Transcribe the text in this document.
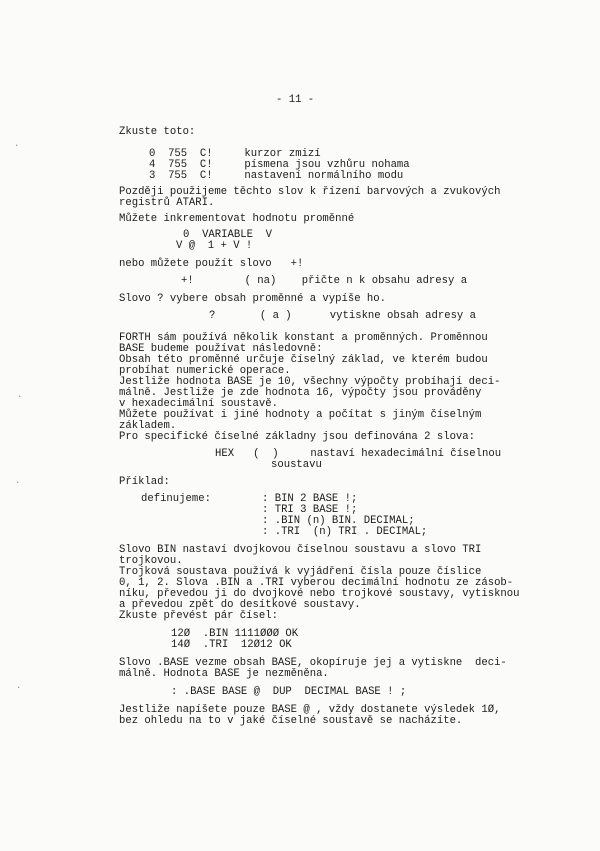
- 11 -
Zkuste toto:
0  755  C!     kurzor zmizí
4  755  C!     písmena jsou vzhůru nohama
3  755  C!     nastavení normálního modu
Později použijeme těchto slov k řízení barvových a zvukových
registrů ATARI.
Můžete inkrementovat hodnotu proměnné
0  VARIABLE  V
V @  1 + V !
nebo můžete použít slovo   +!
+!        ( na)    přičte n k obsahu adresy a
Slovo ? vybere obsah proměnné a vypíše ho.
?       ( a )      vytiskne obsah adresy a
FORTH sám používá několik konstant a proměnných. Proměnnou
BASE budeme používat následovně:
Obsah této proměnné určuje číselný základ, ve kterém budou
probíhat numerické operace.
Jestliže hodnota BASE je 10, všechny výpočty probíhají deci-
málně. Jestliže je zde hodnota 16, výpočty jsou prováděny
v hexadecimální soustavě.
Můžete používat i jiné hodnoty a počítat s jiným číselným
základem.
Pro specifické číselné základny jsou definována 2 slova:
HEX   (  )     nastaví hexadecimální číselnou
soustavu
Příklad:
definujeme:	: BIN 2 BASE !;
: TRI 3 BASE !;
: .BIN (n) BIN. DECIMAL;
: .TRI  (n) TRI . DECIMAL;
Slovo BIN nastaví dvojkovou číselnou soustavu a slovo TRI
trojkovou.
Trojková soustava používá k vyjádření čísla pouze číslice
0, 1, 2. Slova .BIN a .TRI vyberou decimální hodnotu ze zásob-
níku, převedou ji do dvojkové nebo trojkové soustavy, vytisknou
a převedou zpět do desítkové soustavy.
Zkuste převést pár čísel:
12Ø  .BIN 1111ØØØ OK
14Ø  .TRI  12Ø12 OK
Slovo .BASE vezme obsah BASE, okopíruje jej a vytiskne  deci-
málně. Hodnota BASE je nezměněna.
: .BASE BASE @  DUP  DECIMAL BASE ! ;
Jestliže napíšete pouze BASE @ , vždy dostanete výsledek 1Ø,
bez ohledu na to v jaké číselné soustavě se nacházíte.
·
·
·
·
